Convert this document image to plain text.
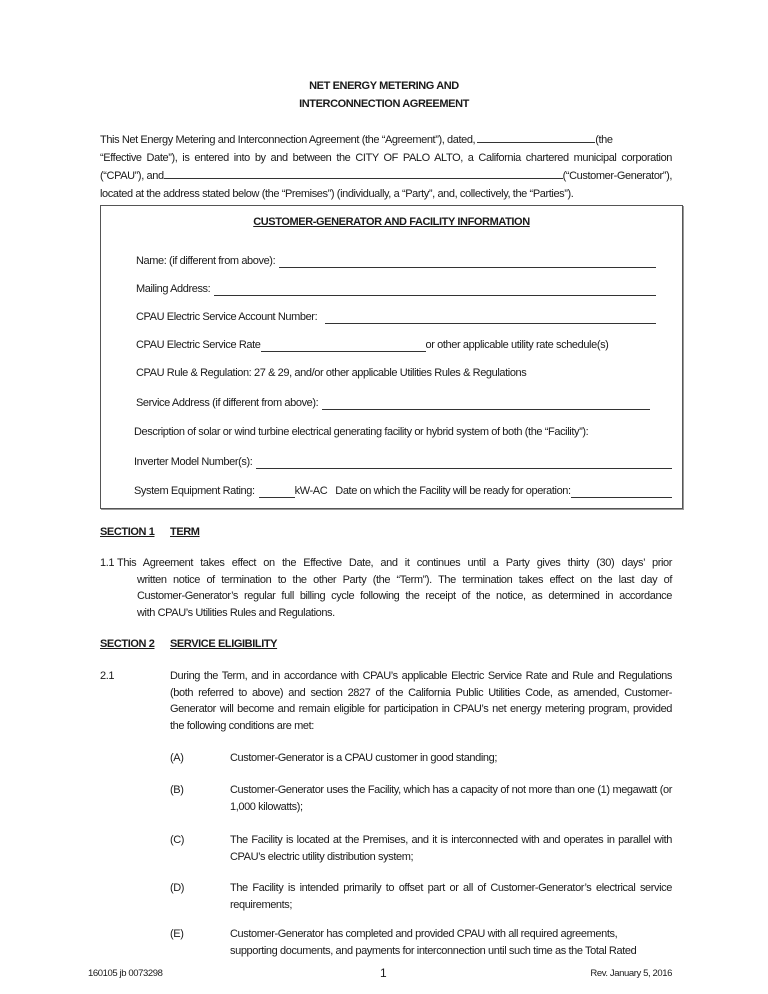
NET ENERGY METERING AND
INTERCONNECTION AGREEMENT
This Net Energy Metering and Interconnection Agreement (the “Agreement”), dated,	(the
“Effective Date”), is entered into by and between the CITY OF PALO ALTO, a California chartered municipal corporation
(“CPAU”), and	(“Customer-Generator”),
located at the address stated below (the “Premises”) (individually, a “Party”, and, collectively, the “Parties”).
CUSTOMER-GENERATOR AND FACILITY INFORMATION
Name: (if different from above):
Mailing Address:
CPAU Electric Service Account Number:
CPAU Electric Service Rate	or other applicable utility rate schedule(s)
CPAU Rule & Regulation: 27 & 29, and/or other applicable Utilities Rules & Regulations
Service Address (if different from above):
Description of solar or wind turbine electrical generating facility or hybrid system of both (the “Facility”):
Inverter Model Number(s):
System Equipment Rating:	kW-AC Date on which the Facility will be ready for operation:
SECTION 1 TERM
1.1 This Agreement takes effect on the Effective Date, and it continues until a Party gives thirty (30) days’ prior
written notice of termination to the other Party (the “Term”). The termination takes effect on the last day of
Customer-Generator’s regular full billing cycle following the receipt of the notice, as determined in accordance
with CPAU’s Utilities Rules and Regulations.
SECTION 2 SERVICE ELIGIBILITY
2.1	During the Term, and in accordance with CPAU’s applicable Electric Service Rate and Rule and Regulations
(both referred to above) and section 2827 of the California Public Utilities Code, as amended, Customer-
Generator will become and remain eligible for participation in CPAU’s net energy metering program, provided
the following conditions are met:
(A)	Customer-Generator is a CPAU customer in good standing;
(B)	Customer-Generator uses the Facility, which has a capacity of not more than one (1) megawatt (or
1,000 kilowatts);
(C)	The Facility is located at the Premises, and it is interconnected with and operates in parallel with
CPAU’s electric utility distribution system;
(D)	The Facility is intended primarily to offset part or all of Customer-Generator’s electrical service
requirements;
(E)	Customer-Generator has completed and provided CPAU with all required agreements,
supporting documents, and payments for interconnection until such time as the Total Rated
160105 jb 0073298	1	Rev. January 5, 2016
